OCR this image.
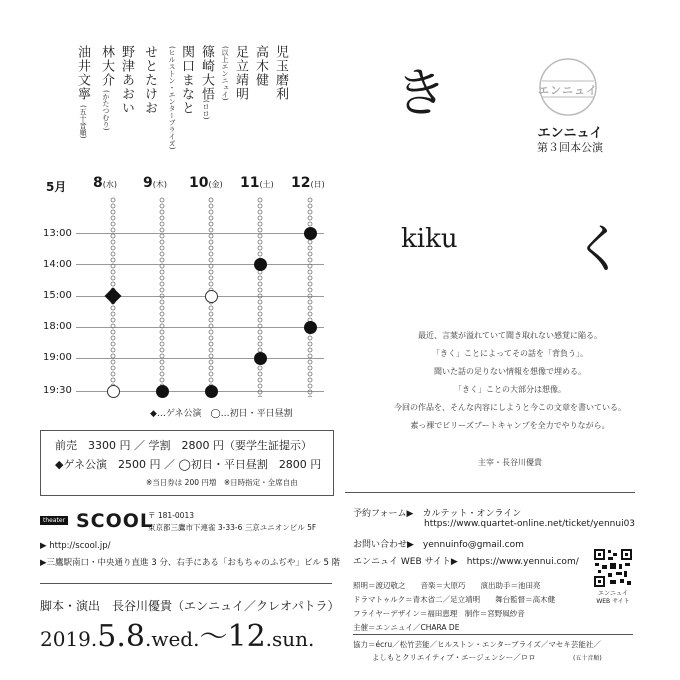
児玉磨利
高木健
足立靖明
(以上エンニュイ)
篠崎大悟
(ロロ)
関口まなと
(ヒルストン・エンターブライズ)
せとたけお
野津あおい
林大介
(かたつむり)
油井文寧
(五十音順)
エンニュイ
エンニュイ
第３回本公演
き
く
kiku
5月 8(水) 9(木) 10(金) 11(土) 12(日)
13:00
14:00
15:00
18:00
19:00
19:30
◆…ゲネ公演　◯…初日・平日昼割
前売　3300 円 ／ 学割　2800 円（要学生証提示）
◆ゲネ公演　2500 円 ／ ◯初日・平日昼割　2800 円
※当日券は 200 円増　※日時指定・全席自由
theater SCOOL
〒 181-0013
東京都三鷹市下連雀 3-33-6 三京ユニオンビル 5F
▶ http://scool.jp/
▶三鷹駅南口・中央通り直進 3 分、右手にある「おもちゃのふぢや」ビル 5 階
脚本・演出　長谷川優貴（エンニュイ／クレオパトラ）
2019.5.8.wed.〜12.sun.
最近、言葉が溢れていて聞き取れない感覚に陥る。
「きく」ことによってその話を「背負う」。
聞いた話の足りない情報を想像で埋める。
「きく」ことの大部分は想像。
今回の作品を、そんな内容にしようと今この文章を書いている。
素っ裸でビリーズブートキャンプを全力でやりながら。
主宰・長谷川優貴
予約フォーム▶　カルテット・オンライン
https://www.quartet-online.net/ticket/yennui03
お問い合わせ▶　yennuinfo@gmail.com
エンニュイ WEB サイト▶　https://www.yennui.com/
エンニュイ
WEB サイト
照明＝渡辺敬之　　音楽＝大原巧　　演出助手＝池田亮
ドラマトゥルク＝青木省二／足立靖明　　舞台監督＝高木健
フライヤーデザイン＝福田恵理　制作＝宮野風紗音
主催＝エンニュイ／CHARA DE
協力＝écru／松竹芸能／ヒルストン・エンターブライズ／マセキ芸能社／
よしもとクリエイティブ・エージェンシー／ロロ	(五十音順)
